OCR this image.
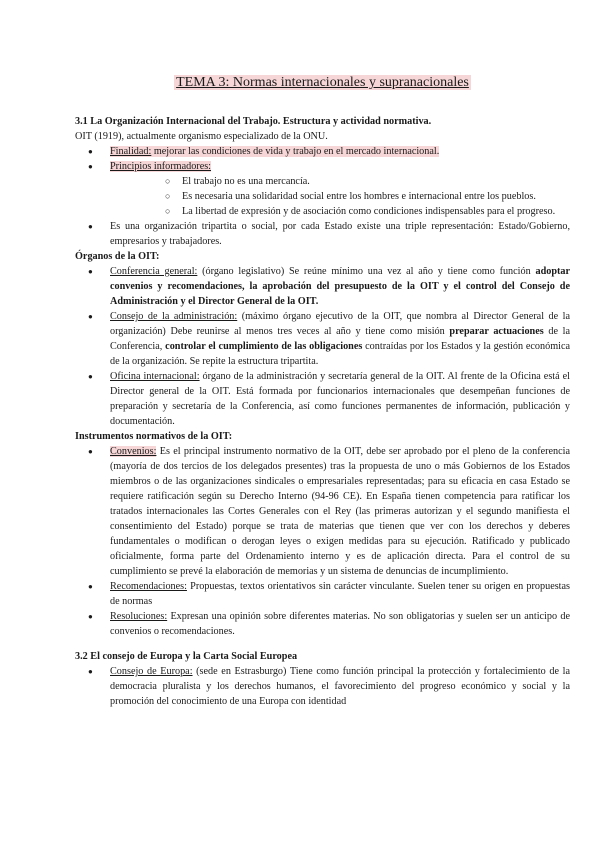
TEMA 3: Normas internacionales y supranacionales

3.1 La Organización Internacional del Trabajo. Estructura y actividad normativa.

OIT (1919), actualmente organismo especializado de la ONU.

● Finalidad: mejorar las condiciones de vida y trabajo en el mercado internacional.
● Principios informadores:
○ El trabajo no es una mercancía.
○ Es necesaria una solidaridad social entre los hombres e internacional entre los pueblos.
○ La libertad de expresión y de asociación como condiciones indispensables para el progreso.
● Es una organización tripartita o social, por cada Estado existe una triple representación: Estado/Gobierno, empresarios y trabajadores.

Órganos de la OIT:

● Conferencia general: (órgano legislativo) Se reúne mínimo una vez al año y tiene como función adoptar convenios y recomendaciones, la aprobación del presupuesto de la OIT y el control del Consejo de Administración y el Director General de la OIT.
● Consejo de la administración: (máximo órgano ejecutivo de la OIT, que nombra al Director General de la organización) Debe reunirse al menos tres veces al año y tiene como misión preparar actuaciones de la Conferencia, controlar el cumplimiento de las obligaciones contraídas por los Estados y la gestión económica de la organización. Se repite la estructura tripartita.
● Oficina internacional: órgano de la administración y secretaría general de la OIT. Al frente de la Oficina está el Director general de la OIT. Está formada por funcionarios internacionales que desempeñan funciones de preparación y secretaría de la Conferencia, así como funciones permanentes de información, publicación y documentación.

Instrumentos normativos de la OIT:

● Convenios: Es el principal instrumento normativo de la OIT, debe ser aprobado por el pleno de la conferencia (mayoría de dos tercios de los delegados presentes) tras la propuesta de uno o más Gobiernos de los Estados miembros o de las organizaciones sindicales o empresariales representadas; para su eficacia en casa Estado se requiere ratificación según su Derecho Interno (94-96 CE). En España tienen competencia para ratificar los tratados internacionales las Cortes Generales con el Rey (las primeras autorizan y el segundo manifiesta el consentimiento del Estado) porque se trata de materias que tienen que ver con los derechos y deberes fundamentales o modifican o derogan leyes o exigen medidas para su ejecución. Ratificado y publicado oficialmente, forma parte del Ordenamiento interno y es de aplicación directa. Para el control de su cumplimiento se prevé la elaboración de memorias y un sistema de denuncias de incumplimiento.
● Recomendaciones: Propuestas, textos orientativos sin carácter vinculante. Suelen tener su origen en propuestas de normas
● Resoluciones: Expresan una opinión sobre diferentes materias. No son obligatorias y suelen ser un anticipo de convenios o recomendaciones.

3.2 El consejo de Europa y la Carta Social Europea

● Consejo de Europa: (sede en Estrasburgo) Tiene como función principal la protección y fortalecimiento de la democracia pluralista y los derechos humanos, el favorecimiento del progreso económico y social y la promoción del conocimiento de una Europa con identidad
